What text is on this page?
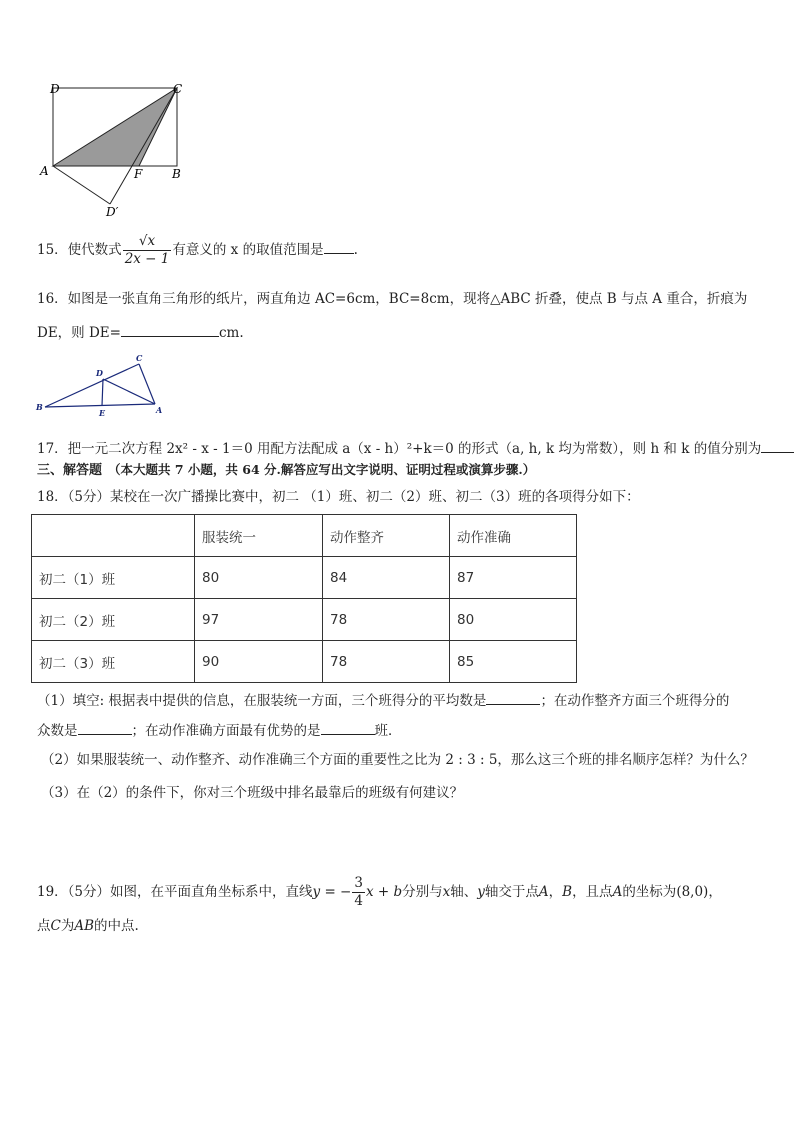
D	C
A	F B
D′
15．使代数式 $\frac{√x}{2x - 1}$ 有意义的 x 的取值范围是 .
16．如图是一张直角三角形的纸片，两直角边 AC=6cm，BC=8cm，现将△ABC 折叠，使点 B 与点 A 重合，折痕为
DE，则 DE=	cm.
C
D
B
E	A
17．把一元二次方程 2x² - x - 1＝0 用配方法配成 a（x - h）²+k＝0 的形式（a, h, k 均为常数），则 h 和 k 的值分别为
三、解答题 （本大题共 7 小题，共 64 分.解答应写出文字说明、证明过程或演算步骤.）
18．（5分）某校在一次广播操比赛中，初二 （1）班、初二（2）班、初二（3）班的各项得分如下：
	服装统一	动作整齐	动作准确
初二（1）班	80	84	87
初二（2）班	97	78	80
初二（3）班	90	78	85
（1）填空: 根据表中提供的信息，在服装统一方面，三个班得分的平均数是	；在动作整齐方面三个班得分的
众数是	；在动作准确方面最有优势的是	班．
（2）如果服装统一、动作整齐、动作准确三个方面的重要性之比为 2 : 3 : 5，那么这三个班的排名顺序怎样？为什么？
（3）在（2）的条件下，你对三个班级中排名最靠后的班级有何建议？
19．（5分）如图，在平面直角坐标系中，直线y = − $\frac{3}{4}$ x + b分别与x轴、y轴交于点A，B，且点A的坐标为(8,0)，
点C为AB的中点.
